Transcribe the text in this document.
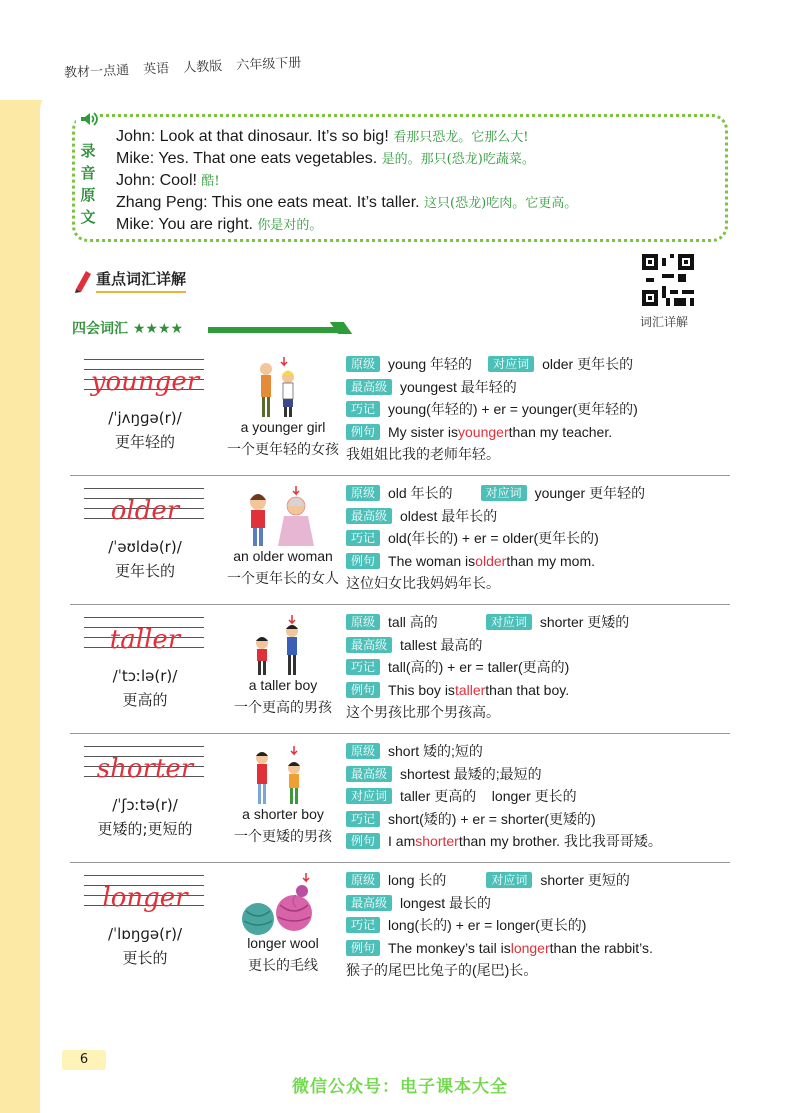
教材一点通 英语 人教版 六年级下册
录音原文
John: Look at that dinosaur. It’s so big! 看那只恐龙。它那么大!
Mike: Yes. That one eats vegetables. 是的。那只(恐龙)吃蔬菜。
John: Cool! 酷!
Zhang Peng: This one eats meat. It’s taller. 这只(恐龙)吃肉。它更高。
Mike: You are right. 你是对的。
重点词汇详解
词汇详解
四会词汇 ★★★★
younger
/ˈjʌŋɡə(r)/
更年轻的
a younger girl
一个更年轻的女孩
原级 young 年轻的	对应词 older 更年长的
最高级 youngest 最年轻的
巧记 young(年轻的) + er = younger(更年轻的)
例句 My sister is younger than my teacher.
我姐姐比我的老师年轻。
older
/ˈəʊldə(r)/
更年长的
an older woman
一个更年长的女人
原级 old 年长的	对应词 younger 更年轻的
最高级 oldest 最年长的
巧记 old(年长的) + er = older(更年长的)
例句 The woman is older than my mom.
这位妇女比我妈妈年长。
taller
/ˈtɔːlə(r)/
更高的
a taller boy
一个更高的男孩
原级 tall 高的	对应词 shorter 更矮的
最高级 tallest 最高的
巧记 tall(高的) + er = taller(更高的)
例句 This boy is taller than that boy.
这个男孩比那个男孩高。
shorter
/ˈʃɔːtə(r)/
更矮的;更短的
a shorter boy
一个更矮的男孩
原级 short 矮的;短的
最高级 shortest 最矮的;最短的
对应词 taller 更高的    longer 更长的
巧记 short(矮的) + er = shorter(更矮的)
例句 I am shorter than my brother. 我比我哥哥矮。
longer
/ˈlɒŋɡə(r)/
更长的
longer wool
更长的毛线
原级 long 长的	对应词 shorter 更短的
最高级 longest 最长的
巧记 long(长的) + er = longer(更长的)
例句 The monkey’s tail is longer than the rabbit’s.
猴子的尾巴比兔子的(尾巴)长。
6
微信公众号：电子课本大全
